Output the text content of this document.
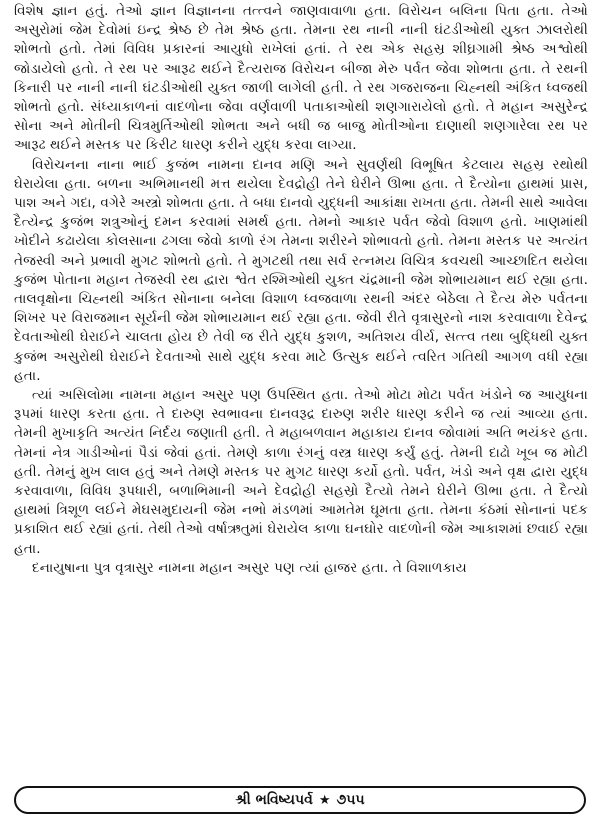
વિશેષ જ્ઞાન હતું. તેઓ જ્ઞાન વિજ્ઞાનના તત્ત્વને જાણવાવાળા હતા. વિરોચન બલિના પિતા હતા. તેઓ અસુરોમાં જેમ દેવોમાં ઇન્દ્ર શ્રેષ્ઠ છે તેમ શ્રેષ્ઠ હતા. તેમના રથ નાની નાની ઘંટડીઓથી યુક્ત ઝાલરોથી શોભતો હતો. તેમાં વિવિધ પ્રકારનાં આયુધો રાખેલાં હતાં. તે રથ એક સહસ્ર શીઘ્રગામી શ્રેષ્ઠ અશ્વોથી જોડાયેલો હતો. તે રથ પર આરૂઢ થઈને દૈત્યરાજ વિરોચન બીજા મેરુ પર્વત જેવા શોભતા હતા. તે રથની કિનારી પર નાની નાની ઘંટડીઓથી યુક્ત જાળી લાગેલી હતી. તે રથ ગજરાજના ચિહ્નથી અંકિત ધ્વજથી શોભતો હતો. સંધ્યાકાળનાં વાદળોના જેવા વર્ણવાળી પતાકાઓથી શણગારાયેલો હતો. તે મહાન અસુરેન્દ્ર સોના અને મોતીની ચિત્રમુર્તિઓથી શોભતા અને બધી જ બાજુ મોતીઓના દાણાથી શણગારેલા રથ પર આરૂઢ થઈને મસ્તક પર કિરીટ ધારણ કરીને યુદ્ધ કરવા લાગ્યા.

વિરોચનના નાના ભાઈ કુજંભ નામના દાનવ મણિ અને સુવર્ણથી વિભૂષિત કેટલાય સહસ્ર રથોથી ઘેરાયેલા હતા. બળના અભિમાનથી મત્ત થયેલા દેવદ્રોહી તેને ઘેરીને ઊભા હતા. તે દૈત્યોના હાથમાં પ્રાસ, પાશ અને ગદા, વગેરે અસ્ત્રો શોભતા હતા. તે બધા દાનવો યુદ્ધની આકાંક્ષા રાખતા હતા. તેમની સાથે આવેલા દૈત્યેન્દ્ર કુજંભ શત્રુઓનું દમન કરવામાં સમર્થ હતા. તેમનો આકાર પર્વત જેવો વિશાળ હતો. ખાણમાંથી ખોદીને કઢાયેલા કોલસાના ઢગલા જેવો કાળો રંગ તેમના શરીરને શોભાવતો હતો. તેમના મસ્તક પર અત્યંત તેજસ્વી અને પ્રભાવી મુગટ શોભતો હતો. તે મુગટથી તથા સર્વ રત્નમય વિચિત્ર કવચથી આચ્છાદિત થયેલા કુજંભ પોતાના મહાન તેજસ્વી રથ દ્વારા શ્વેત રશ્મિઓથી યુક્ત ચંદ્રમાની જેમ શોભાયમાન થઈ રહ્યા હતા. તાલવૃક્ષોના ચિહ્નથી અંકિત સોનાના બનેલા વિશાળ ધ્વજવાળા રથની અંદર બેઠેલા તે દૈત્ય મેરુ પર્વતના શિખર પર વિરાજમાન સૂર્યની જેમ શોભાયમાન થઈ રહ્યા હતા. જેવી રીતે વૃત્રાસુરનો નાશ કરવાવાળા દેવેન્દ્ર દેવતાઓથી ઘેરાઈને ચાલતા હોય છે તેવી જ રીતે યુદ્ધ કુશળ, અતિશય વીર્ય, સત્ત્વ તથા બુદ્ધિથી યુક્ત કુજંભ અસુરોથી ઘેરાઈને દેવતાઓ સાથે યુદ્ધ કરવા માટે ઉત્સુક થઈને ત્વરિત ગતિથી આગળ વધી રહ્યા હતા.

ત્યાં અસિલોમા નામના મહાન અસુર પણ ઉપસ્થિત હતા. તેઓ મોટા મોટા પર્વત ખંડોને જ આયુધના રૂપમાં ધારણ કરતા હતા. તે દારુણ સ્વભાવના દાનવરૂદ્ર દારુણ શરીર ધારણ કરીને જ ત્યાં આવ્યા હતા. તેમની મુખાકૃતિ અત્યંત નિર્દય જણાતી હતી. તે મહાબળવાન મહાકાય દાનવ જોવામાં અતિ ભયંકર હતા. તેમનાં નેત્ર ગાડીઓનાં પૈડાં જેવાં હતાં. તેમણે કાળા રંગનું વસ્ત્ર ધારણ કર્યું હતું. તેમની દાઢો ખૂબ જ મોટી હતી. તેમનું મુખ લાલ હતું અને તેમણે મસ્તક પર મુગટ ધારણ કર્યો હતો. પર્વત, ખંડો અને વૃક્ષ દ્વારા યુદ્ધ કરવાવાળા, વિવિધ રૂપધારી, બળાભિમાની અને દેવદ્રોહી સહસ્રો દૈત્યો તેમને ઘેરીને ઊભા હતા. તે દૈત્યો હાથમાં ત્રિશૂળ લઈને મેઘસમુદાયની જેમ નભો મંડળમાં આમતેમ ઘૂમતા હતા. તેમના કંઠમાં સોનાનાં પદક પ્રકાશિત થઈ રહ્યાં હતાં. તેથી તેઓ વર્ષાઋતુમાં ઘેરાયેલ કાળા ઘનઘોર વાદળોની જેમ આકાશમાં છવાઈ રહ્યા હતા.

દનાયુષાના પુત્ર વૃત્રાસુર નામના મહાન અસુર પણ ત્યાં હાજર હતા. તે વિશાળકાય

શ્રી ભવિષ્યપર્વ ★ ૭૫૫
